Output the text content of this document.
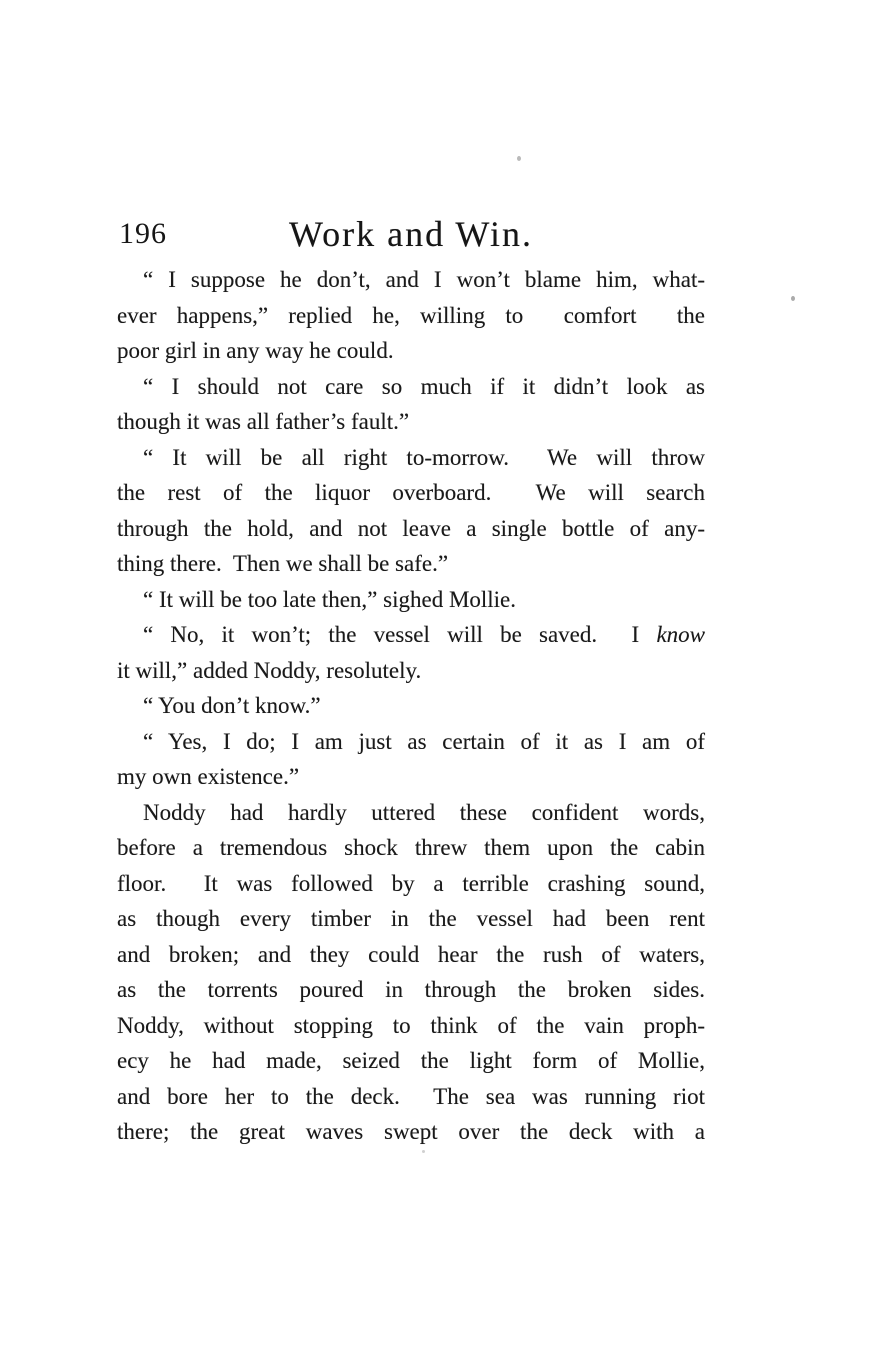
196	Work and Win.
“ I suppose he don’t, and I won’t blame him, what-
ever happens,” replied he, willing to  comfort  the
poor girl in any way he could.
“ I should not care so much if it didn’t look as
though it was all father’s fault.”
“ It will be all right to-morrow.  We will throw
the rest of the liquor overboard.  We will search
through the hold, and not leave a single bottle of any-
thing there.  Then we shall be safe.”
“ It will be too late then,” sighed Mollie.
“ No, it won’t; the vessel will be saved.  I know
it will,” added Noddy, resolutely.
“ You don’t know.”
“ Yes, I do; I am just as certain of it as I am of
my own existence.”
Noddy had hardly uttered these confident words,
before a tremendous shock threw them upon the cabin
floor.  It was followed by a terrible crashing sound,
as though every timber in the vessel had been rent
and broken; and they could hear the rush of waters,
as the torrents poured in through the broken sides.
Noddy, without stopping to think of the vain proph-
ecy he had made, seized the light form of Mollie,
and bore her to the deck.  The sea was running riot
there; the great waves swept over the deck with a
